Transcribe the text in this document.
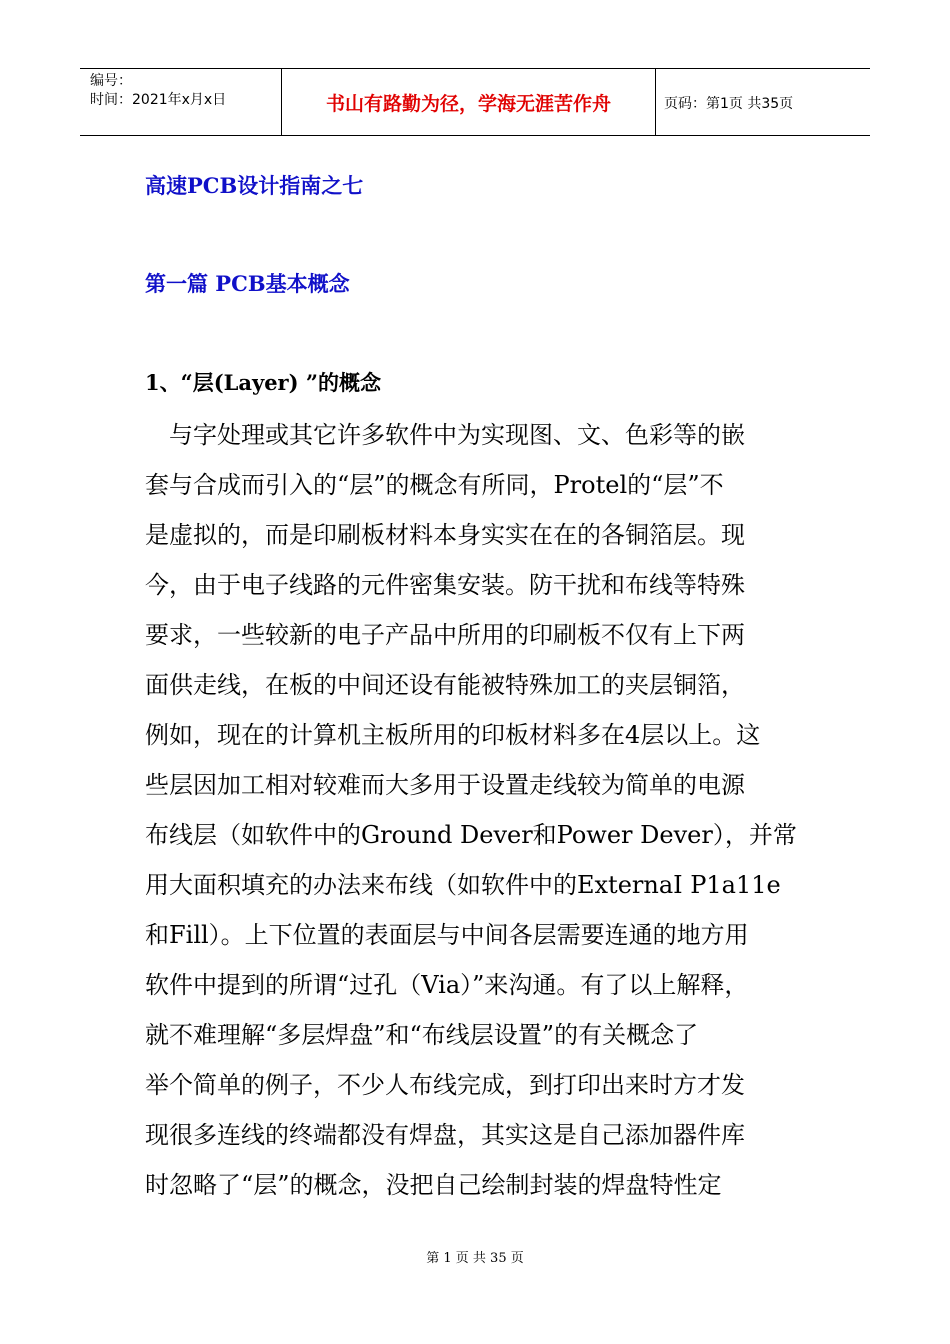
编号：
时间：2021年x月x日	书山有路勤为径，学海无涯苦作舟	页码：第1页 共35页
高速PCB设计指南之七
第一篇 PCB基本概念
1、“层(Layer) ”的概念
　与字处理或其它许多软件中为实现图、文、色彩等的嵌
套与合成而引入的“层”的概念有所同，Protel的“层”不
是虚拟的，而是印刷板材料本身实实在在的各铜箔层。现
今，由于电子线路的元件密集安装。防干扰和布线等特殊
要求，一些较新的电子产品中所用的印刷板不仅有上下两
面供走线，在板的中间还设有能被特殊加工的夹层铜箔，
例如，现在的计算机主板所用的印板材料多在4层以上。这
些层因加工相对较难而大多用于设置走线较为简单的电源
布线层（如软件中的Ground Dever和Power Dever），并常
用大面积填充的办法来布线（如软件中的ExternaI P1a11e
和Fill）。上下位置的表面层与中间各层需要连通的地方用
软件中提到的所谓“过孔（Via）”来沟通。有了以上解释，
就不难理解“多层焊盘”和“布线层设置”的有关概念了
举个简单的例子，不少人布线完成，到打印出来时方才发
现很多连线的终端都没有焊盘，其实这是自己添加器件库
时忽略了“层”的概念，没把自己绘制封装的焊盘特性定
第 1 页 共 35 页
